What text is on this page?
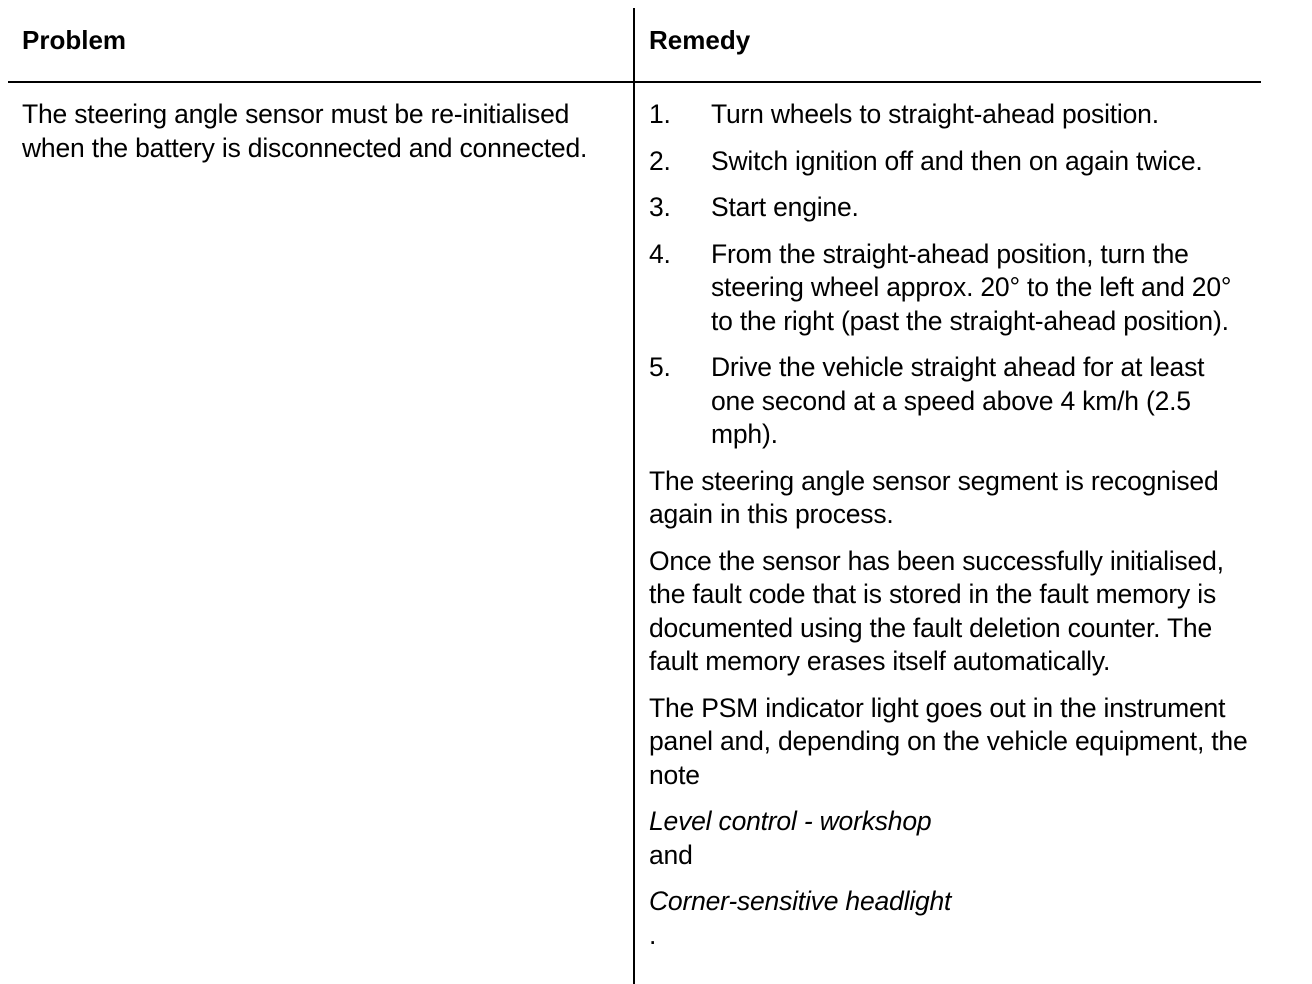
Problem	Remedy
The steering angle sensor must be re-initialised when the battery is disconnected and connected.
1. Turn wheels to straight-ahead position.
2. Switch ignition off and then on again twice.
3. Start engine.
4. From the straight-ahead position, turn the steering wheel approx. 20° to the left and 20° to the right (past the straight-ahead position).
5. Drive the vehicle straight ahead for at least one second at a speed above 4 km/h (2.5 mph).

The steering angle sensor segment is recognised again in this process.

Once the sensor has been successfully initialised, the fault code that is stored in the fault memory is documented using the fault deletion counter. The fault memory erases itself automatically.

The PSM indicator light goes out in the instrument panel and, depending on the vehicle equipment, the note

Level control - workshop
and

Corner-sensitive headlight
.
